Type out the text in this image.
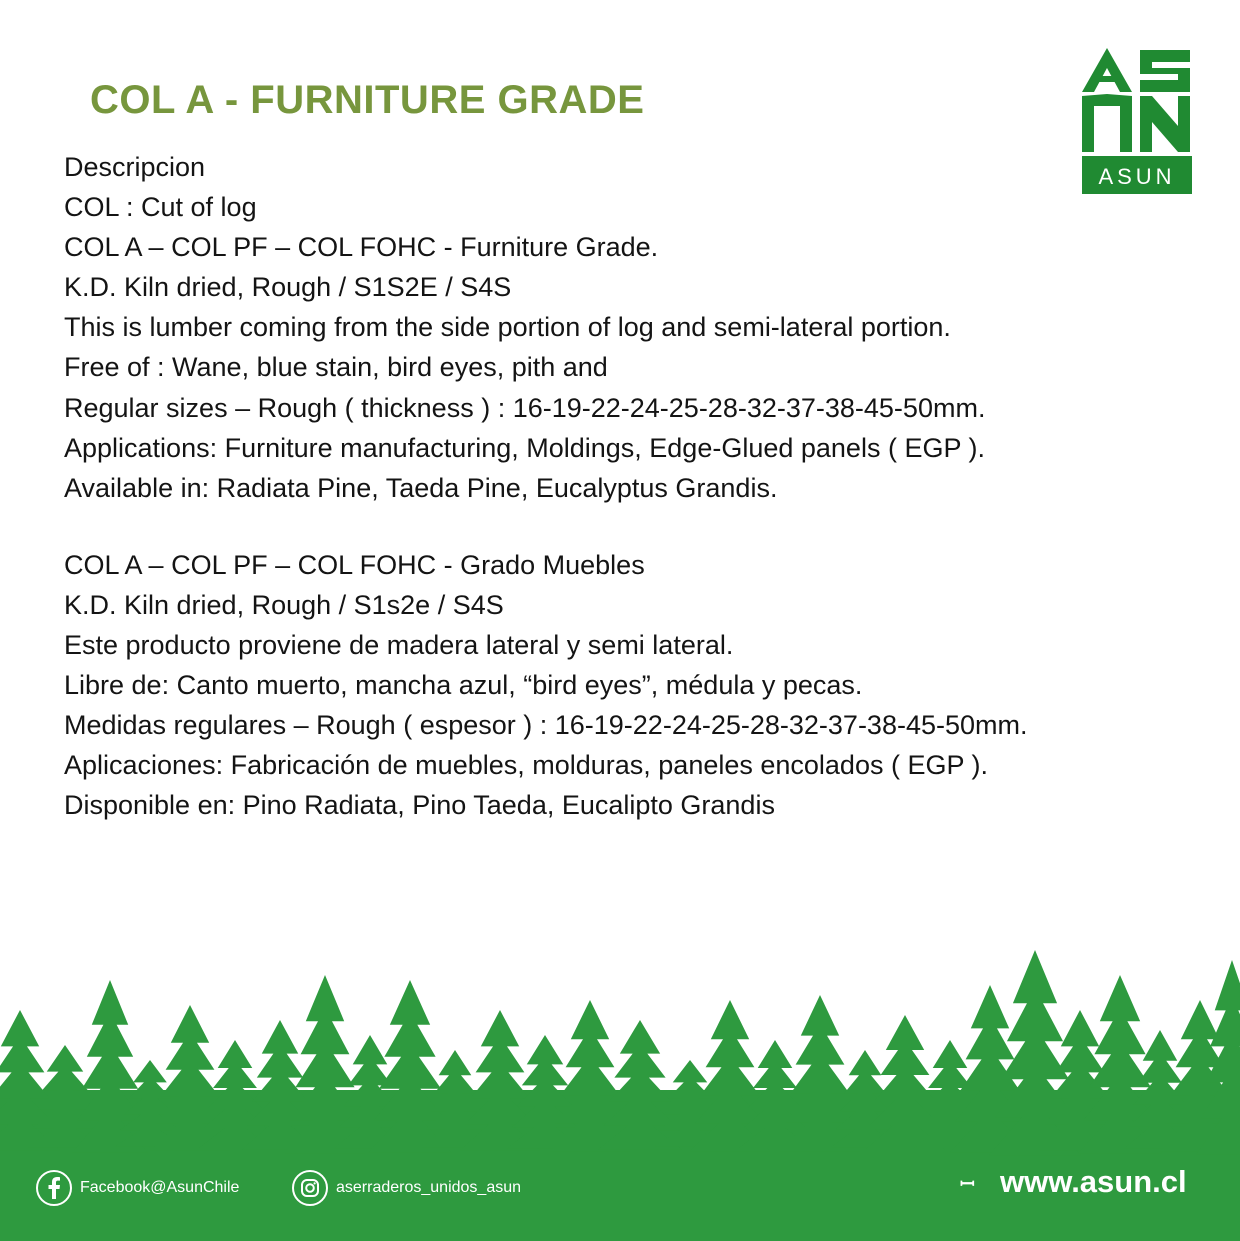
COL A - FURNITURE GRADE
ASUN
Descripcion
COL : Cut of log
COL A – COL PF – COL FOHC - Furniture Grade.
K.D. Kiln dried, Rough / S1S2E / S4S
This is lumber coming from the side portion of log and semi-lateral portion.
Free of : Wane, blue stain, bird eyes, pith and
Regular sizes – Rough ( thickness ) : 16-19-22-24-25-28-32-37-38-45-50mm.
Applications: Furniture manufacturing, Moldings, Edge-Glued panels ( EGP ).
Available in: Radiata Pine, Taeda Pine, Eucalyptus Grandis.
COL A – COL PF – COL FOHC - Grado Muebles
K.D. Kiln dried, Rough / S1s2e / S4S
Este producto proviene de madera lateral y semi lateral.
Libre de: Canto muerto, mancha azul, “bird eyes”, médula y pecas.
Medidas regulares – Rough ( espesor ) : 16-19-22-24-25-28-32-37-38-45-50mm.
Aplicaciones: Fabricación de muebles, molduras, paneles encolados ( EGP ).
Disponible en: Pino Radiata, Pino Taeda, Eucalipto Grandis
Facebook@AsunChile	aserraderos_unidos_asun	ꟷ www.asun.cl
